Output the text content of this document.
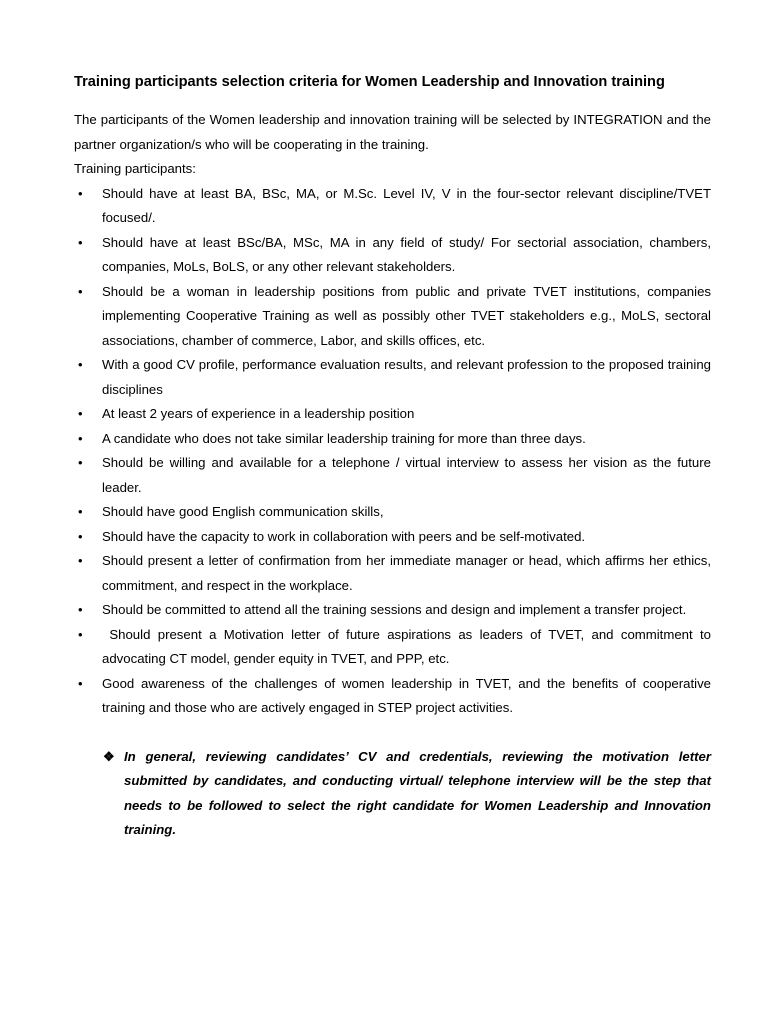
Training participants selection criteria for Women Leadership and Innovation training

The participants of the Women leadership and innovation training will be selected by INTEGRATION and the partner organization/s who will be cooperating in the training.

Training participants:

• Should have at least BA, BSc, MA, or M.Sc. Level IV, V in the four-sector relevant discipline/TVET focused/.
• Should have at least BSc/BA, MSc, MA in any field of study/ For sectorial association, chambers, companies, MoLs, BoLS, or any other relevant stakeholders.
• Should be a woman in leadership positions from public and private TVET institutions, companies implementing Cooperative Training as well as possibly other TVET stakeholders e.g., MoLS, sectoral associations, chamber of commerce, Labor, and skills offices, etc.
• With a good CV profile, performance evaluation results, and relevant profession to the proposed training disciplines
• At least 2 years of experience in a leadership position
• A candidate who does not take similar leadership training for more than three days.
• Should be willing and available for a telephone / virtual interview to assess her vision as the future leader.
• Should have good English communication skills,
• Should have the capacity to work in collaboration with peers and be self-motivated.
• Should present a letter of confirmation from her immediate manager or head, which affirms her ethics, commitment, and respect in the workplace.
• Should be committed to attend all the training sessions and design and implement a transfer project.
• Should present a Motivation letter of future aspirations as leaders of TVET, and commitment to advocating CT model, gender equity in TVET, and PPP, etc.
• Good awareness of the challenges of women leadership in TVET, and the benefits of cooperative training and those who are actively engaged in STEP project activities.
❖ In general, reviewing candidates’ CV and credentials, reviewing the motivation letter submitted by candidates, and conducting virtual/ telephone interview will be the step that needs to be followed to select the right candidate for Women Leadership and Innovation training.
